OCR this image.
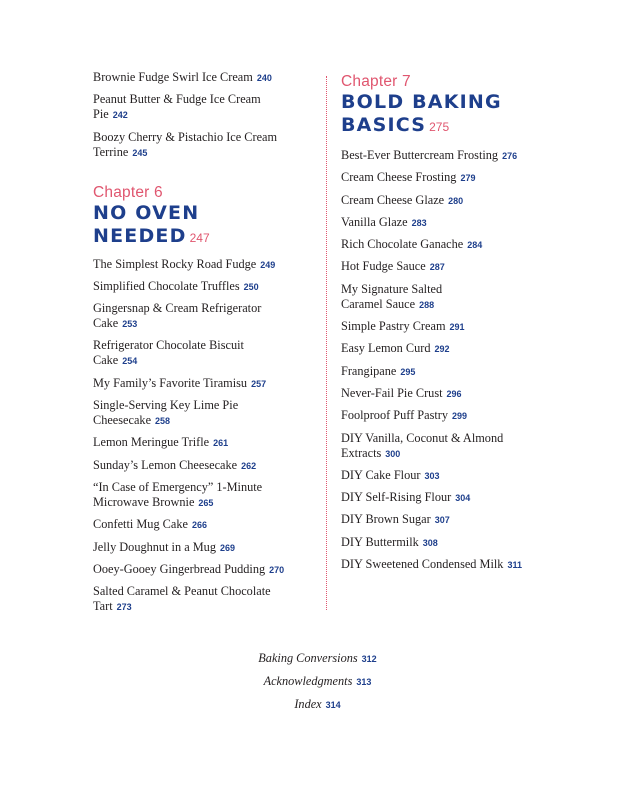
Brownie Fudge Swirl Ice Cream 240
Peanut Butter & Fudge Ice Cream
Pie 242
Boozy Cherry & Pistachio Ice Cream
Terrine 245
Chapter 6
NO OVEN
NEEDED 247
The Simplest Rocky Road Fudge 249
Simplified Chocolate Truffles 250
Gingersnap & Cream Refrigerator
Cake 253
Refrigerator Chocolate Biscuit
Cake 254
My Family’s Favorite Tiramisu 257
Single-Serving Key Lime Pie
Cheesecake 258
Lemon Meringue Trifle 261
Sunday’s Lemon Cheesecake 262
“In Case of Emergency” 1-Minute
Microwave Brownie 265
Confetti Mug Cake 266
Jelly Doughnut in a Mug 269
Ooey-Gooey Gingerbread Pudding 270
Salted Caramel & Peanut Chocolate
Tart 273
Chapter 7
BOLD BAKING
BASICS 275
Best-Ever Buttercream Frosting 276
Cream Cheese Frosting 279
Cream Cheese Glaze 280
Vanilla Glaze 283
Rich Chocolate Ganache 284
Hot Fudge Sauce 287
My Signature Salted
Caramel Sauce 288
Simple Pastry Cream 291
Easy Lemon Curd 292
Frangipane 295
Never-Fail Pie Crust 296
Foolproof Puff Pastry 299
DIY Vanilla, Coconut & Almond
Extracts 300
DIY Cake Flour 303
DIY Self-Rising Flour 304
DIY Brown Sugar 307
DIY Buttermilk 308
DIY Sweetened Condensed Milk 311
Baking Conversions 312
Acknowledgments 313
Index 314
